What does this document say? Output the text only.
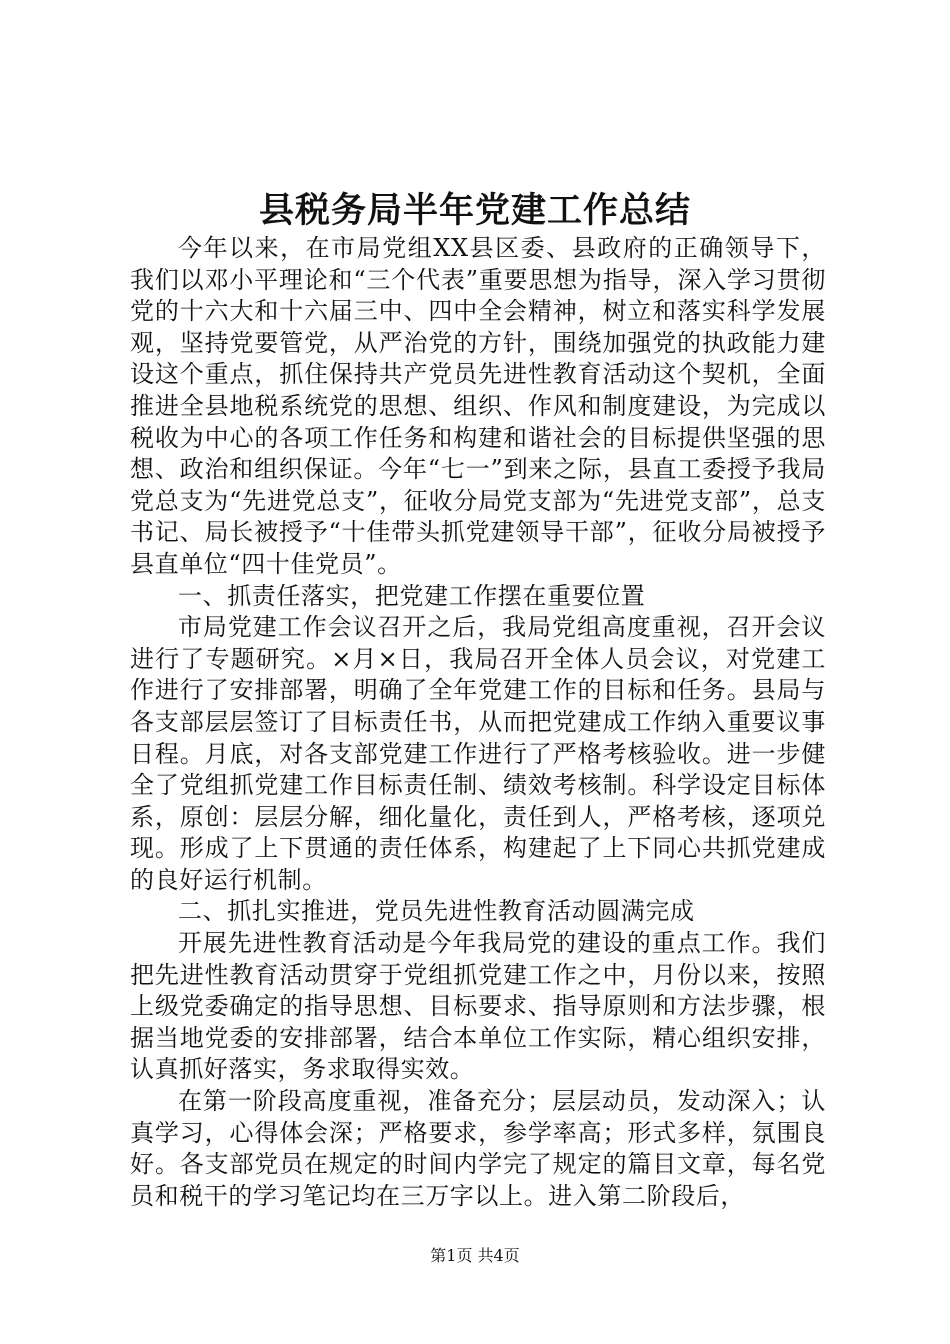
县税务局半年党建工作总结

今年以来，在市局党组XX县区委、县政府的正确领导下，我们以邓小平理论和“三个代表”重要思想为指导，深入学习贯彻党的十六大和十六届三中、四中全会精神，树立和落实科学发展观，坚持党要管党，从严治党的方针，围绕加强党的执政能力建设这个重点，抓住保持共产党员先进性教育活动这个契机，全面推进全县地税系统党的思想、组织、作风和制度建设，为完成以税收为中心的各项工作任务和构建和谐社会的目标提供坚强的思想、政治和组织保证。今年“七一”到来之际，县直工委授予我局党总支为“先进党总支”，征收分局党支部为“先进党支部”，总支书记、局长被授予“十佳带头抓党建领导干部”，征收分局被授予县直单位“四十佳党员”。

一、抓责任落实，把党建工作摆在重要位置

市局党建工作会议召开之后，我局党组高度重视，召开会议进行了专题研究。×月×日，我局召开全体人员会议，对党建工作进行了安排部署，明确了全年党建工作的目标和任务。县局与各支部层层签订了目标责任书，从而把党建成工作纳入重要议事日程。月底，对各支部党建工作进行了严格考核验收。进一步健全了党组抓党建工作目标责任制、绩效考核制。科学设定目标体系，原创：层层分解，细化量化，责任到人，严格考核，逐项兑现。形成了上下贯通的责任体系，构建起了上下同心共抓党建成的良好运行机制。

二、抓扎实推进，党员先进性教育活动圆满完成

开展先进性教育活动是今年我局党的建设的重点工作。我们把先进性教育活动贯穿于党组抓党建工作之中，月份以来，按照上级党委确定的指导思想、目标要求、指导原则和方法步骤，根据当地党委的安排部署，结合本单位工作实际，精心组织安排，认真抓好落实，务求取得实效。

在第一阶段高度重视，准备充分；层层动员，发动深入；认真学习，心得体会深；严格要求，参学率高；形式多样，氛围良好。各支部党员在规定的时间内学完了规定的篇目文章，每名党员和税干的学习笔记均在三万字以上。进入第二阶段后，

第1页 共4页
